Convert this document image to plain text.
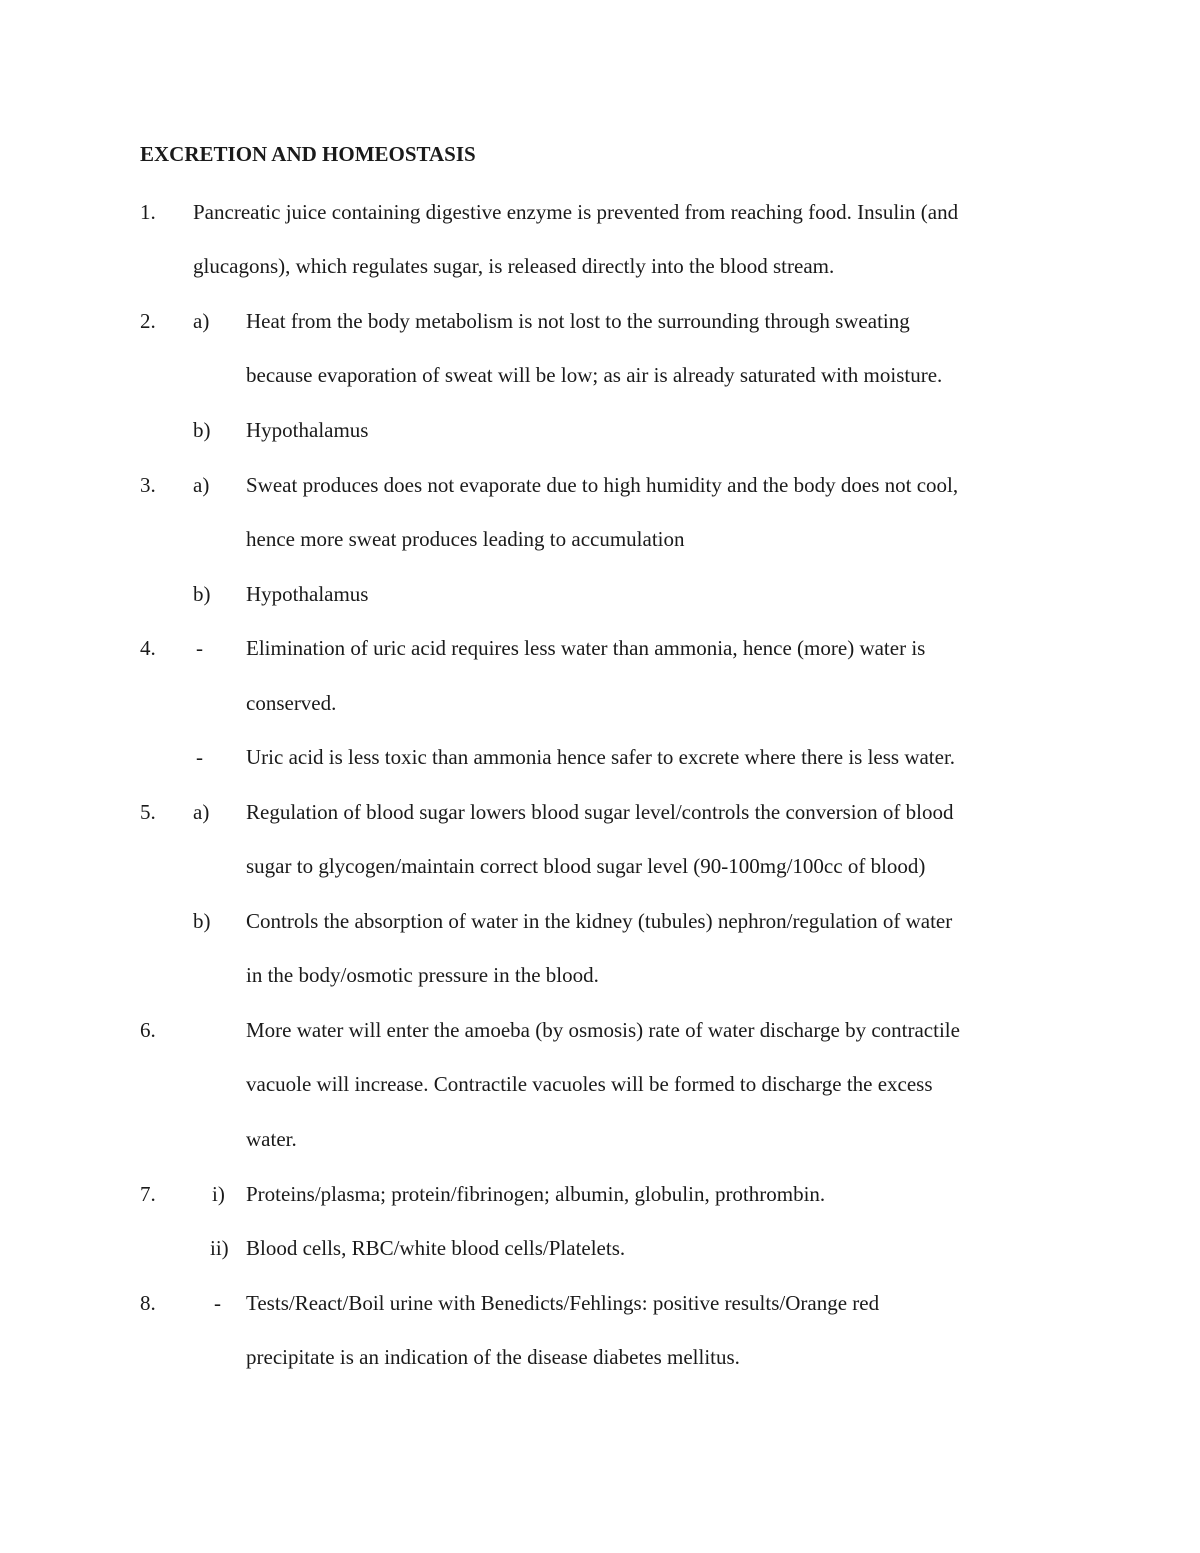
EXCRETION AND HOMEOSTASIS
1. Pancreatic juice containing digestive enzyme is prevented from reaching food. Insulin (and
glucagons), which regulates sugar, is released directly into the blood stream.
2. a) Heat from the body metabolism is not lost to the surrounding through sweating
because evaporation of sweat will be low; as air is already saturated with moisture.
b) Hypothalamus
3. a) Sweat produces does not evaporate due to high humidity and the body does not cool,
hence more sweat produces leading to accumulation
b) Hypothalamus
4. - Elimination of uric acid requires less water than ammonia, hence (more) water is
conserved.
- Uric acid is less toxic than ammonia hence safer to excrete where there is less water.
5. a) Regulation of blood sugar lowers blood sugar level/controls the conversion of blood
sugar to glycogen/maintain correct blood sugar level (90-100mg/100cc of blood)
b) Controls the absorption of water in the kidney (tubules) nephron/regulation of water
in the body/osmotic pressure in the blood.
6.	More water will enter the amoeba (by osmosis) rate of water discharge by contractile
vacuole will increase. Contractile vacuoles will be formed to discharge the excess
water.
7.	i) Proteins/plasma; protein/fibrinogen; albumin, globulin, prothrombin.
ii) Blood cells, RBC/white blood cells/Platelets.
8.	- Tests/React/Boil urine with Benedicts/Fehlings: positive results/Orange red
precipitate is an indication of the disease diabetes mellitus.
